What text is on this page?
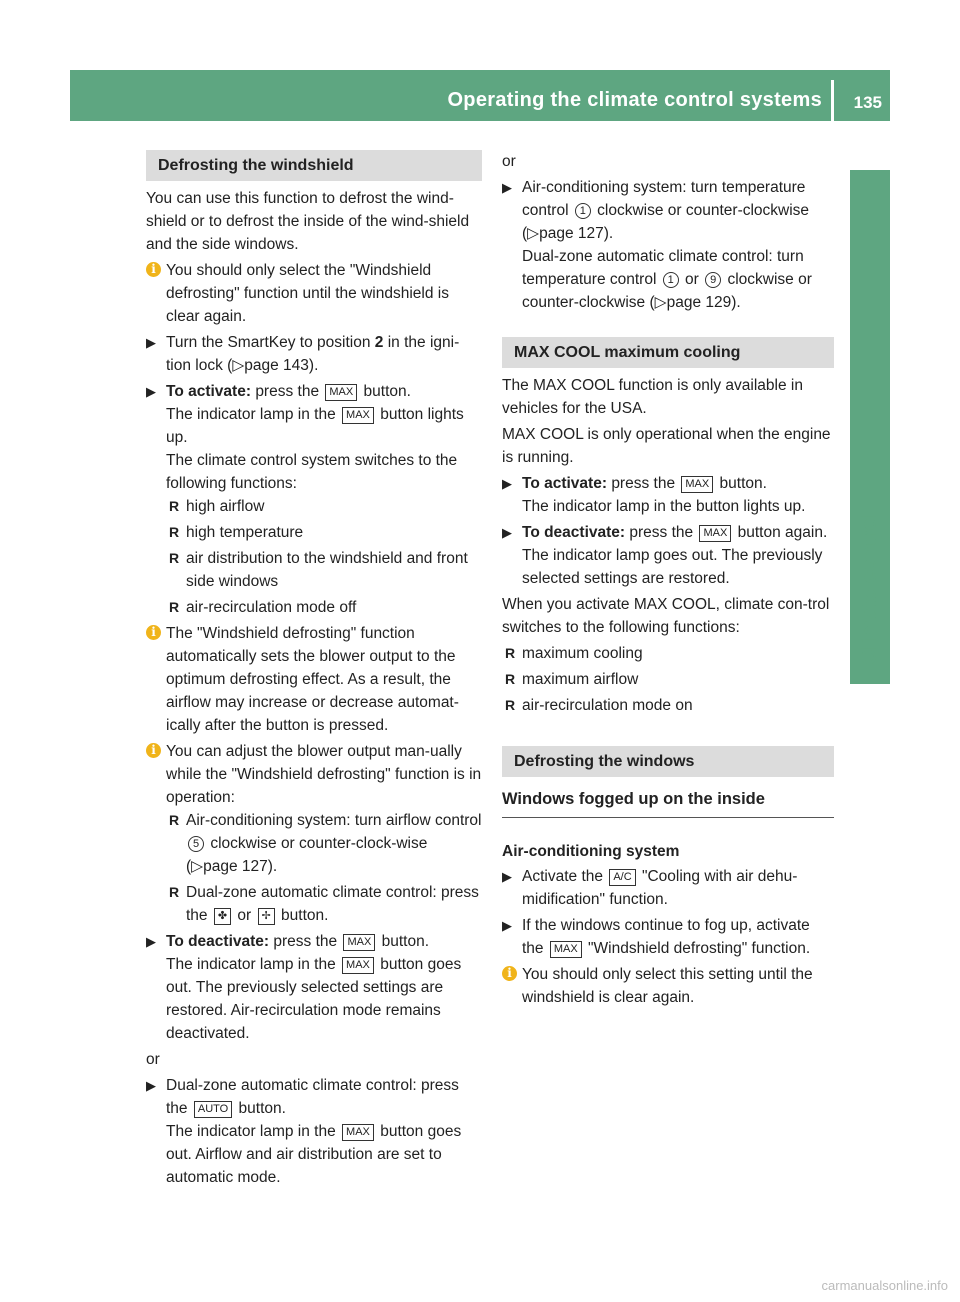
Operating the climate control systems 135
Climate control
Defrosting the windshield

You can use this function to defrost the wind-shield or to defrost the inside of the wind-shield and the side windows.

i You should only select the "Windshield defrosting" function until the windshield is clear again.
▶ Turn the SmartKey to position 2 in the igni-tion lock (▷page 143).
▶ To activate: press the MAX button.
The indicator lamp in the MAX button lights up.
The climate control system switches to the following functions:
R high airflow
R high temperature
R air distribution to the windshield and front side windows
R air-recirculation mode off
i The "Windshield defrosting" function automatically sets the blower output to the optimum defrosting effect. As a result, the airflow may increase or decrease automat-ically after the button is pressed.
i You can adjust the blower output man-ually while the "Windshield defrosting" function is in operation:
R Air-conditioning system: turn airflow control 5 clockwise or counter-clock-wise (▷page 127).
R Dual-zone automatic climate control: press the ✤ or ✢ button.
▶ To deactivate: press the MAX button.
The indicator lamp in the MAX button goes out. The previously selected settings are restored. Air-recirculation mode remains deactivated.

or

▶ Dual-zone automatic climate control: press the AUTO button.
The indicator lamp in the MAX button goes out. Airflow and air distribution are set to automatic mode.

or

▶ Air-conditioning system: turn temperature control 1 clockwise or counter-clockwise (▷page 127).
Dual-zone automatic climate control: turn temperature control 1 or 9 clockwise or counter-clockwise (▷page 129).
MAX COOL maximum cooling

The MAX COOL function is only available in vehicles for the USA.

MAX COOL is only operational when the engine is running.

▶ To activate: press the MAX button.
The indicator lamp in the button lights up.
▶ To deactivate: press the MAX button again.
The indicator lamp goes out. The previously selected settings are restored.

When you activate MAX COOL, climate con-trol switches to the following functions:

R maximum cooling
R maximum airflow
R air-recirculation mode on
Defrosting the windows
Windows fogged up on the inside
Air-conditioning system
▶ Activate the A/C "Cooling with air dehu-midification" function.
▶ If the windows continue to fog up, activate the MAX "Windshield defrosting" function.
i You should only select this setting until the windshield is clear again.
carmanualsonline.info
